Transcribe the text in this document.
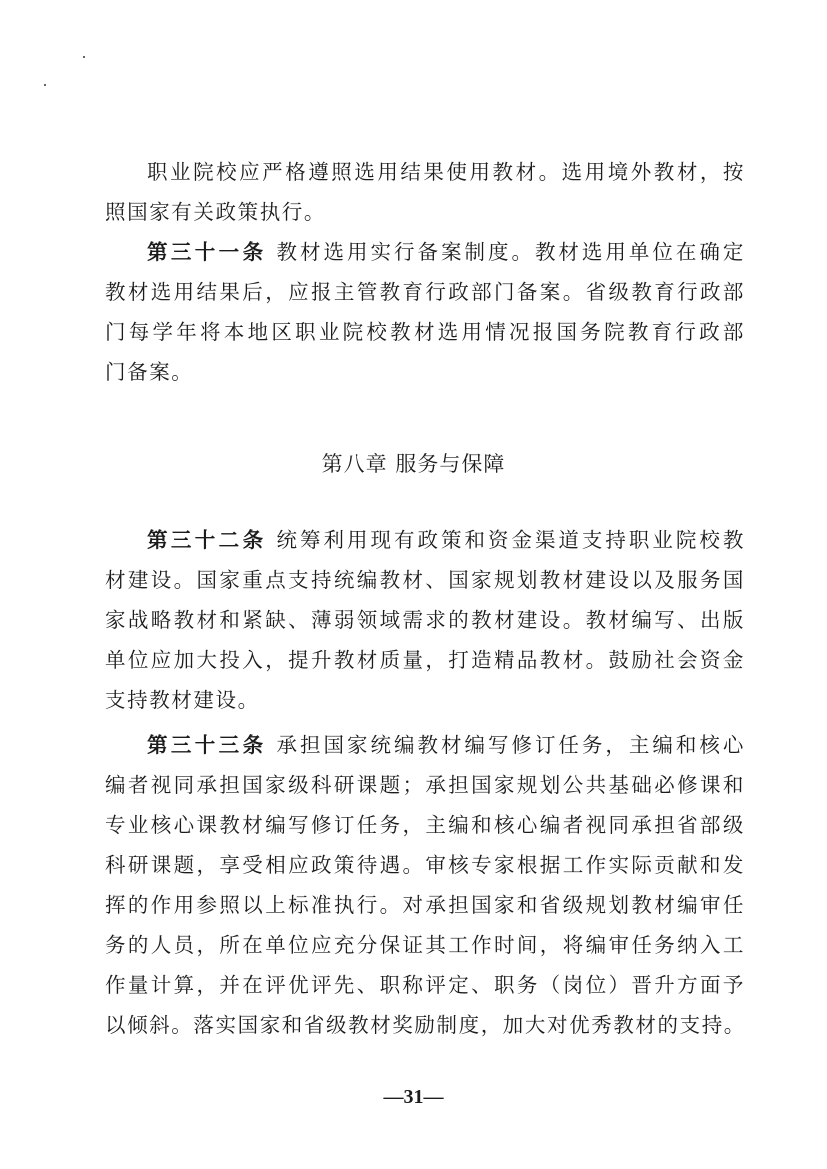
职业院校应严格遵照选用结果使用教材。选用境外教材，按
照国家有关政策执行。
第三十一条 教材选用实行备案制度。教材选用单位在确定
教材选用结果后，应报主管教育行政部门备案。省级教育行政部
门每学年将本地区职业院校教材选用情况报国务院教育行政部
门备案。
第八章 服务与保障
第三十二条 统筹利用现有政策和资金渠道支持职业院校教
材建设。国家重点支持统编教材、国家规划教材建设以及服务国
家战略教材和紧缺、薄弱领域需求的教材建设。教材编写、出版
单位应加大投入，提升教材质量，打造精品教材。鼓励社会资金
支持教材建设。
第三十三条 承担国家统编教材编写修订任务，主编和核心
编者视同承担国家级科研课题；承担国家规划公共基础必修课和
专业核心课教材编写修订任务，主编和核心编者视同承担省部级
科研课题，享受相应政策待遇。审核专家根据工作实际贡献和发
挥的作用参照以上标准执行。对承担国家和省级规划教材编审任
务的人员，所在单位应充分保证其工作时间，将编审任务纳入工
作量计算，并在评优评先、职称评定、职务（岗位）晋升方面予
以倾斜。落实国家和省级教材奖励制度，加大对优秀教材的支持。
—31—
